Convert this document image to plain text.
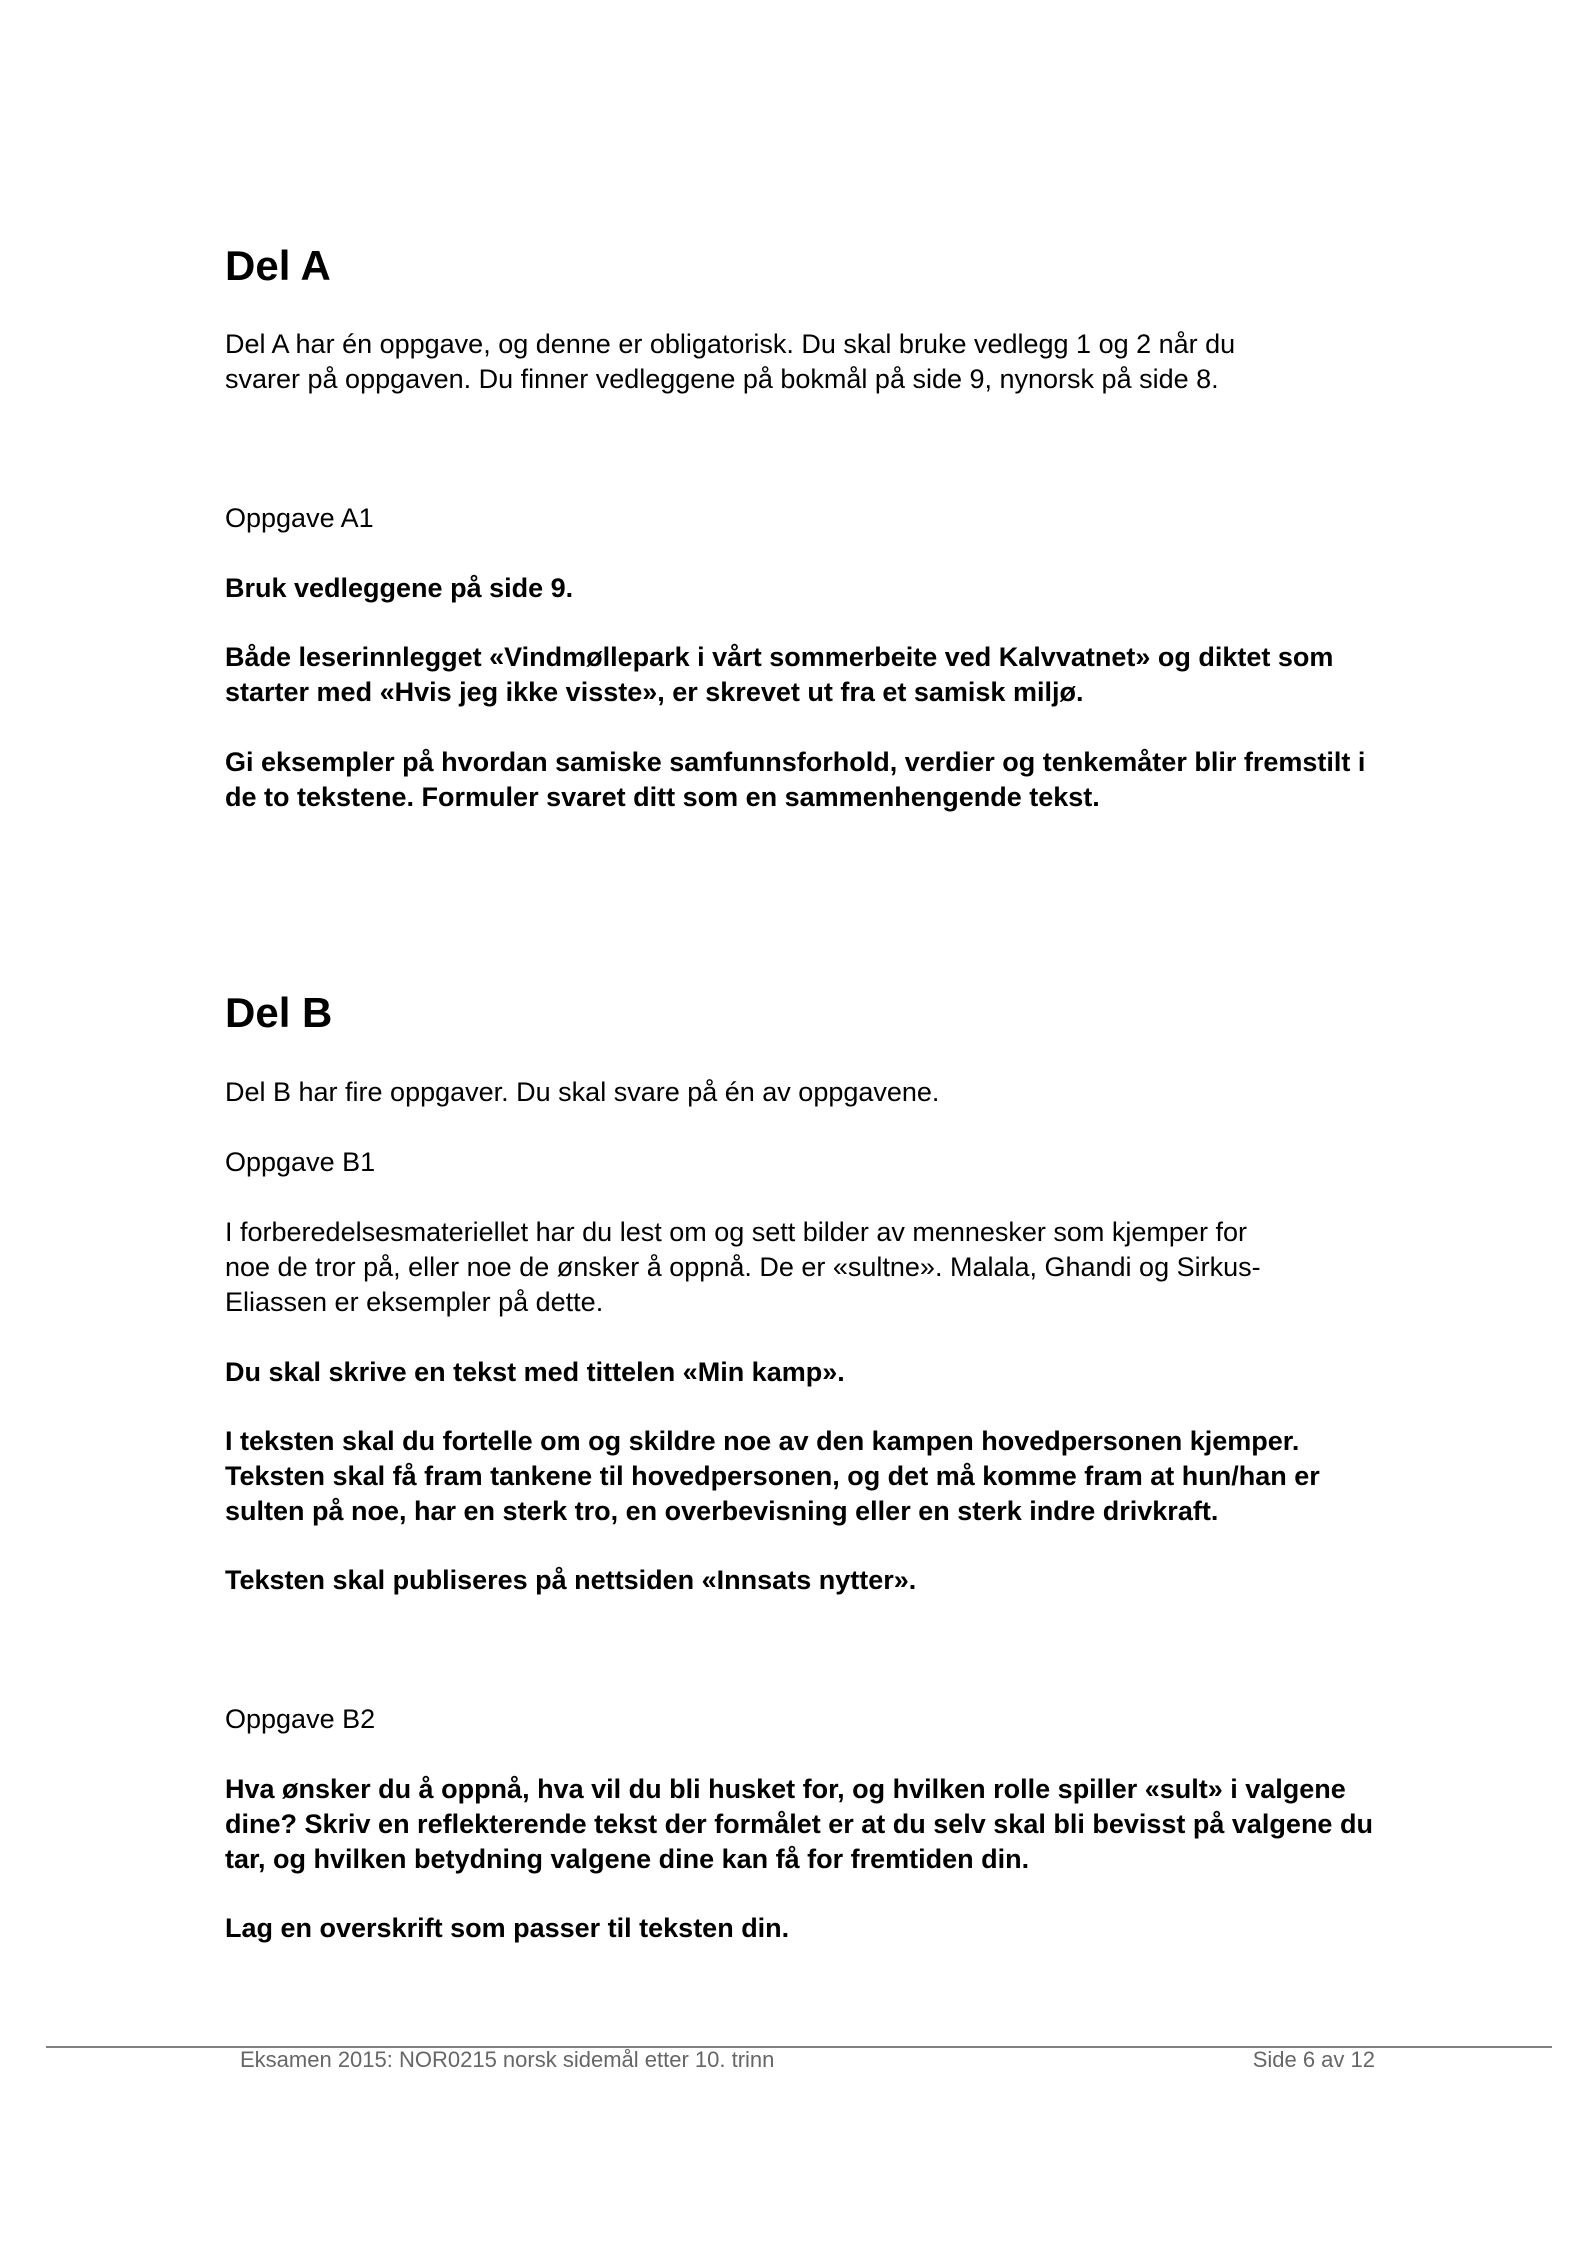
Del A

Del A har én oppgave, og denne er obligatorisk. Du skal bruke vedlegg 1 og 2 når du

svarer på oppgaven. Du finner vedleggene på bokmål på side 9, nynorsk på side 8.

Oppgave A1

Bruk vedleggene på side 9.

Både leserinnlegget «Vindmøllepark i vårt sommerbeite ved Kalvvatnet» og diktet som

starter med «Hvis jeg ikke visste», er skrevet ut fra et samisk miljø.

Gi eksempler på hvordan samiske samfunnsforhold, verdier og tenkemåter blir fremstilt i

de to tekstene. Formuler svaret ditt som en sammenhengende tekst.

Del B

Del B har fire oppgaver. Du skal svare på én av oppgavene.

Oppgave B1

I forberedelsesmateriellet har du lest om og sett bilder av mennesker som kjemper for

noe de tror på, eller noe de ønsker å oppnå. De er «sultne». Malala, Ghandi og Sirkus-

Eliassen er eksempler på dette.

Du skal skrive en tekst med tittelen «Min kamp».

I teksten skal du fortelle om og skildre noe av den kampen hovedpersonen kjemper.

Teksten skal få fram tankene til hovedpersonen, og det må komme fram at hun/han er

sulten på noe, har en sterk tro, en overbevisning eller en sterk indre drivkraft.

Teksten skal publiseres på nettsiden «Innsats nytter».

Oppgave B2

Hva ønsker du å oppnå, hva vil du bli husket for, og hvilken rolle spiller «sult» i valgene

dine? Skriv en reflekterende tekst der formålet er at du selv skal bli bevisst på valgene du

tar, og hvilken betydning valgene dine kan få for fremtiden din.

Lag en overskrift som passer til teksten din.

Eksamen 2015: NOR0215 norsk sidemål etter 10. trinn	Side 6 av 12
